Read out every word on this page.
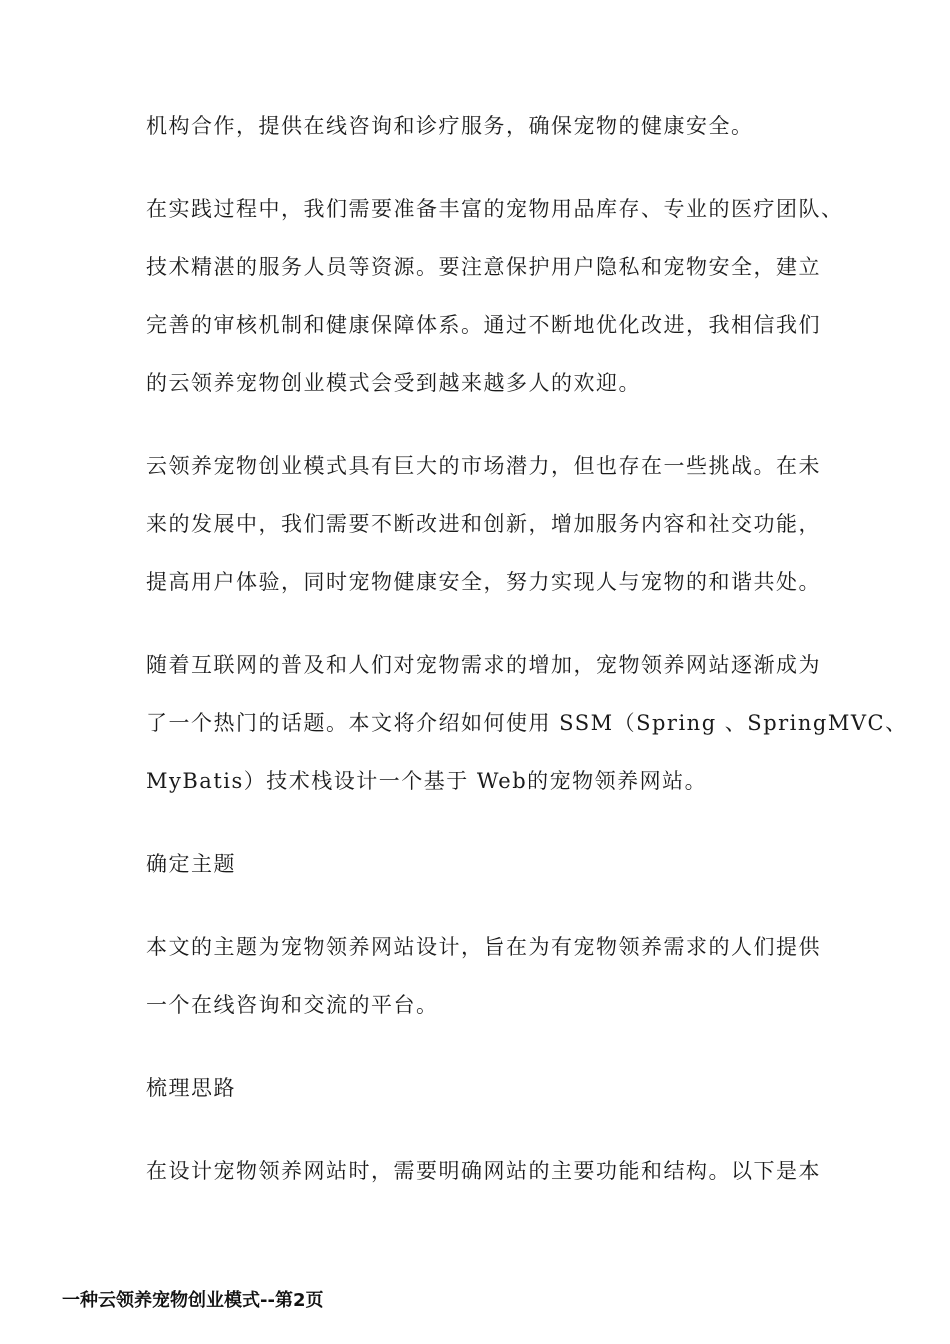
机构合作，提供在线咨询和诊疗服务，确保宠物的健康安全。
在实践过程中，我们需要准备丰富的宠物用品库存、专业的医疗团队、
技术精湛的服务人员等资源。要注意保护用户隐私和宠物安全，建立
完善的审核机制和健康保障体系。通过不断地优化改进，我相信我们
的云领养宠物创业模式会受到越来越多人的欢迎。
云领养宠物创业模式具有巨大的市场潜力，但也存在一些挑战。在未
来的发展中，我们需要不断改进和创新，增加服务内容和社交功能，
提高用户体验，同时宠物健康安全，努力实现人与宠物的和谐共处。
随着互联网的普及和人们对宠物需求的增加，宠物领养网站逐渐成为
了一个热门的话题。本文将介绍如何使用 SSM（Spring 、SpringMVC、
MyBatis）技术栈设计一个基于 Web的宠物领养网站。
确定主题
本文的主题为宠物领养网站设计，旨在为有宠物领养需求的人们提供
一个在线咨询和交流的平台。
梳理思路
在设计宠物领养网站时，需要明确网站的主要功能和结构。以下是本
一种云领养宠物创业模式--第2页
